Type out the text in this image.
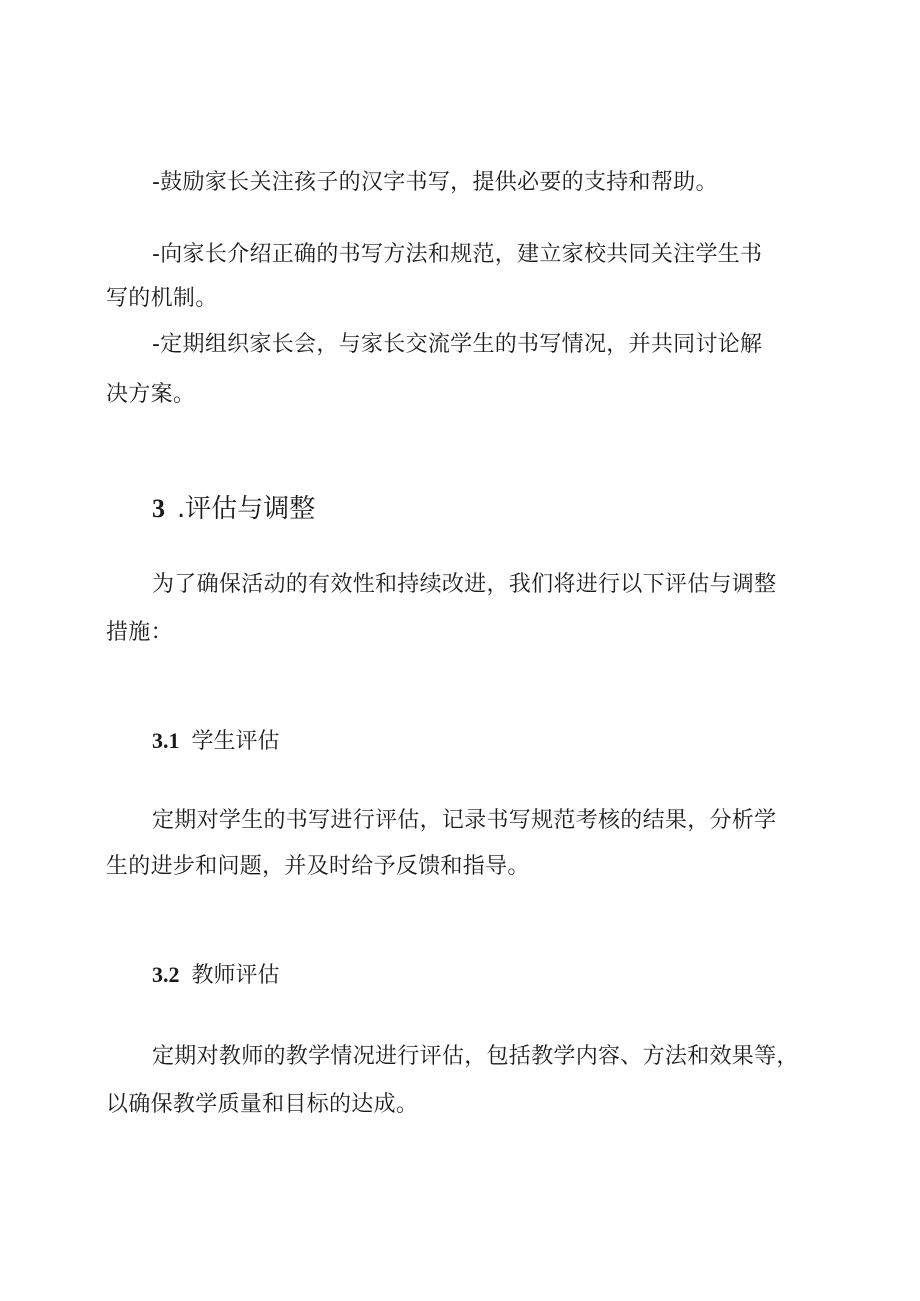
-鼓励家长关注孩子的汉字书写，提供必要的支持和帮助。
-向家长介绍正确的书写方法和规范，建立家校共同关注学生书
写的机制。
-定期组织家长会，与家长交流学生的书写情况，并共同讨论解
决方案。
3 .评估与调整
为了确保活动的有效性和持续改进，我们将进行以下评估与调整
措施：
3.1 学生评估
定期对学生的书写进行评估，记录书写规范考核的结果，分析学
生的进步和问题，并及时给予反馈和指导。
3.2 教师评估
定期对教师的教学情况进行评估，包括教学内容、方法和效果等，
以确保教学质量和目标的达成。
